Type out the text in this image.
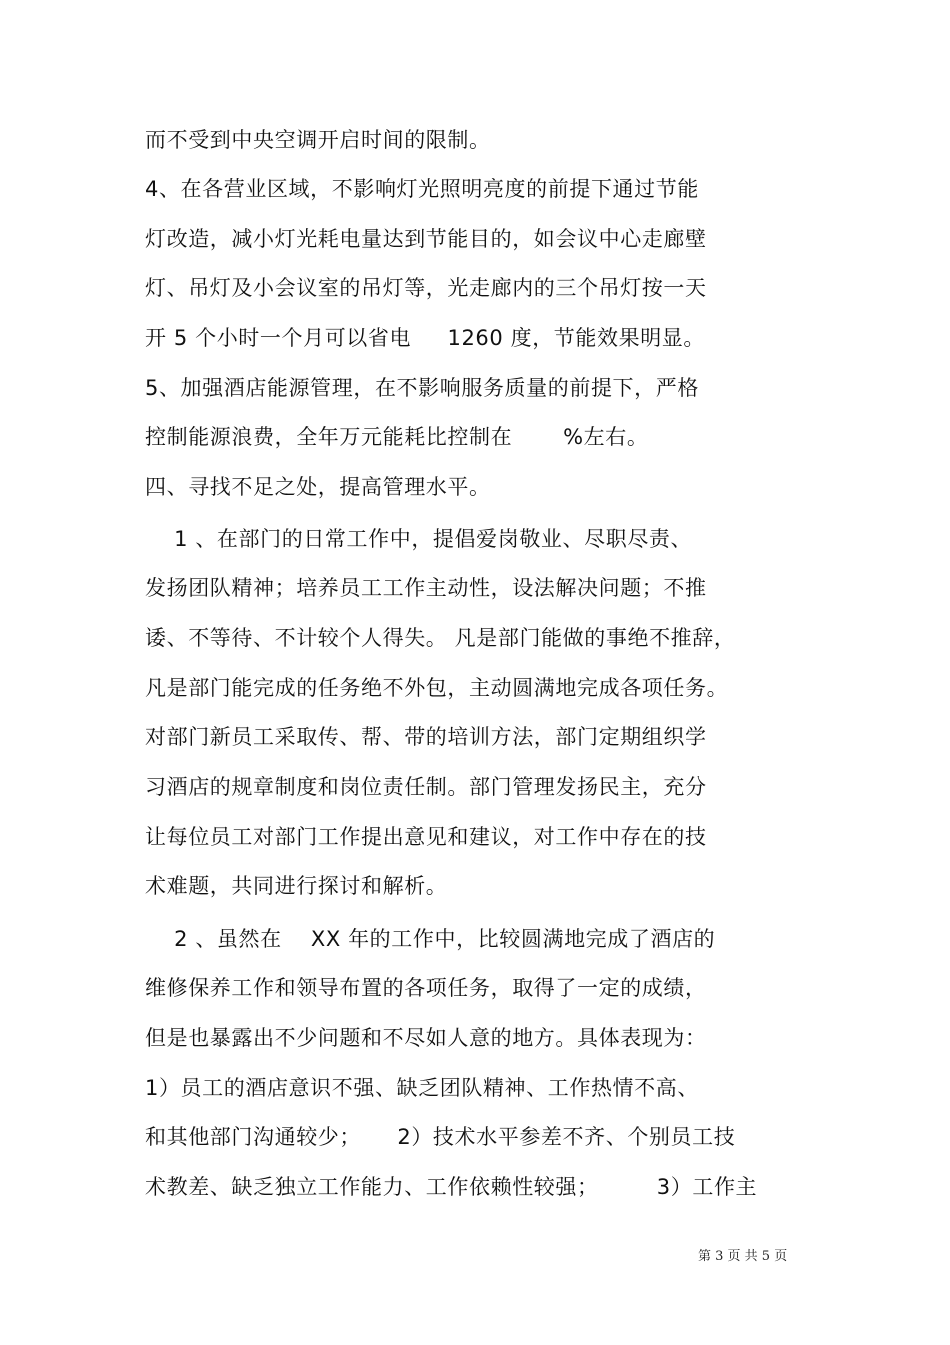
而不受到中央空调开启时间的限制。
4、在各营业区域，不影响灯光照明亮度的前提下通过节能
灯改造，减小灯光耗电量达到节能目的，如会议中心走廊壁
灯、吊灯及小会议室的吊灯等，光走廊内的三个吊灯按一天
开 5 个小时一个月可以省电     1260 度，节能效果明显。
5、加强酒店能源管理，在不影响服务质量的前提下，严格
控制能源浪费，全年万元能耗比控制在       %左右。
四、寻找不足之处，提高管理水平。
1 、在部门的日常工作中，提倡爱岗敬业、尽职尽责、
发扬团队精神；培养员工工作主动性，设法解决问题；不推
诿、不等待、不计较个人得失。 凡是部门能做的事绝不推辞，
凡是部门能完成的任务绝不外包，主动圆满地完成各项任务。
对部门新员工采取传、帮、带的培训方法，部门定期组织学
习酒店的规章制度和岗位责任制。部门管理发扬民主，充分
让每位员工对部门工作提出意见和建议，对工作中存在的技
术难题，共同进行探讨和解析。
2 、虽然在    XX 年的工作中，比较圆满地完成了酒店的
维修保养工作和领导布置的各项任务，取得了一定的成绩，
但是也暴露出不少问题和不尽如人意的地方。具体表现为：
1）员工的酒店意识不强、缺乏团队精神、工作热情不高、
和其他部门沟通较少；     2）技术水平参差不齐、个别员工技
术教差、缺乏独立工作能力、工作依赖性较强；        3）工作主
第 3 页 共 5 页
